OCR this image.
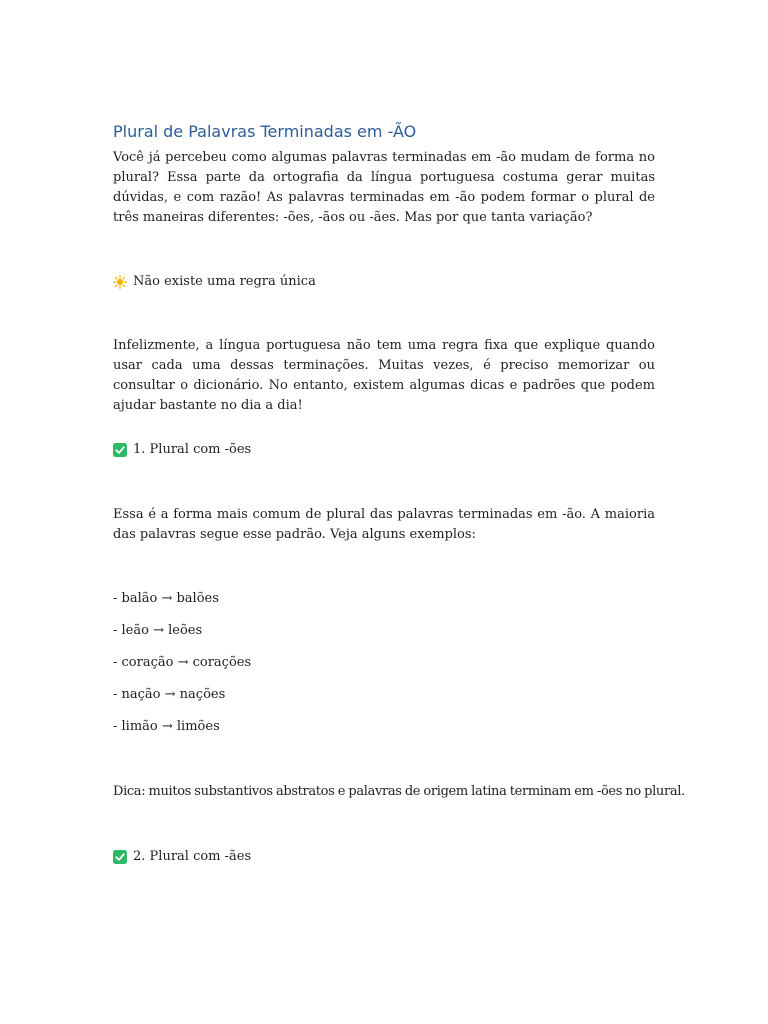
Plural de Palavras Terminadas em -ÃO

Você já percebeu como algumas palavras terminadas em -ão mudam de forma no plural? Essa parte da ortografia da língua portuguesa costuma gerar muitas dúvidas, e com razão! As palavras terminadas em -ão podem formar o plural de três maneiras diferentes: -ões, -ãos ou -ães. Mas por que tanta variação?

Não existe uma regra única

Infelizmente, a língua portuguesa não tem uma regra fixa que explique quando usar cada uma dessas terminações. Muitas vezes, é preciso memorizar ou consultar o dicionário. No entanto, existem algumas dicas e padrões que podem ajudar bastante no dia a dia!

1. Plural com -ões

Essa é a forma mais comum de plural das palavras terminadas em -ão. A maioria das palavras segue esse padrão. Veja alguns exemplos:

- balão → balões
- leão → leões
- coração → corações
- nação → nações
- limão → limões

Dica: muitos substantivos abstratos e palavras de origem latina terminam em -ões no plural.

2. Plural com -ães
